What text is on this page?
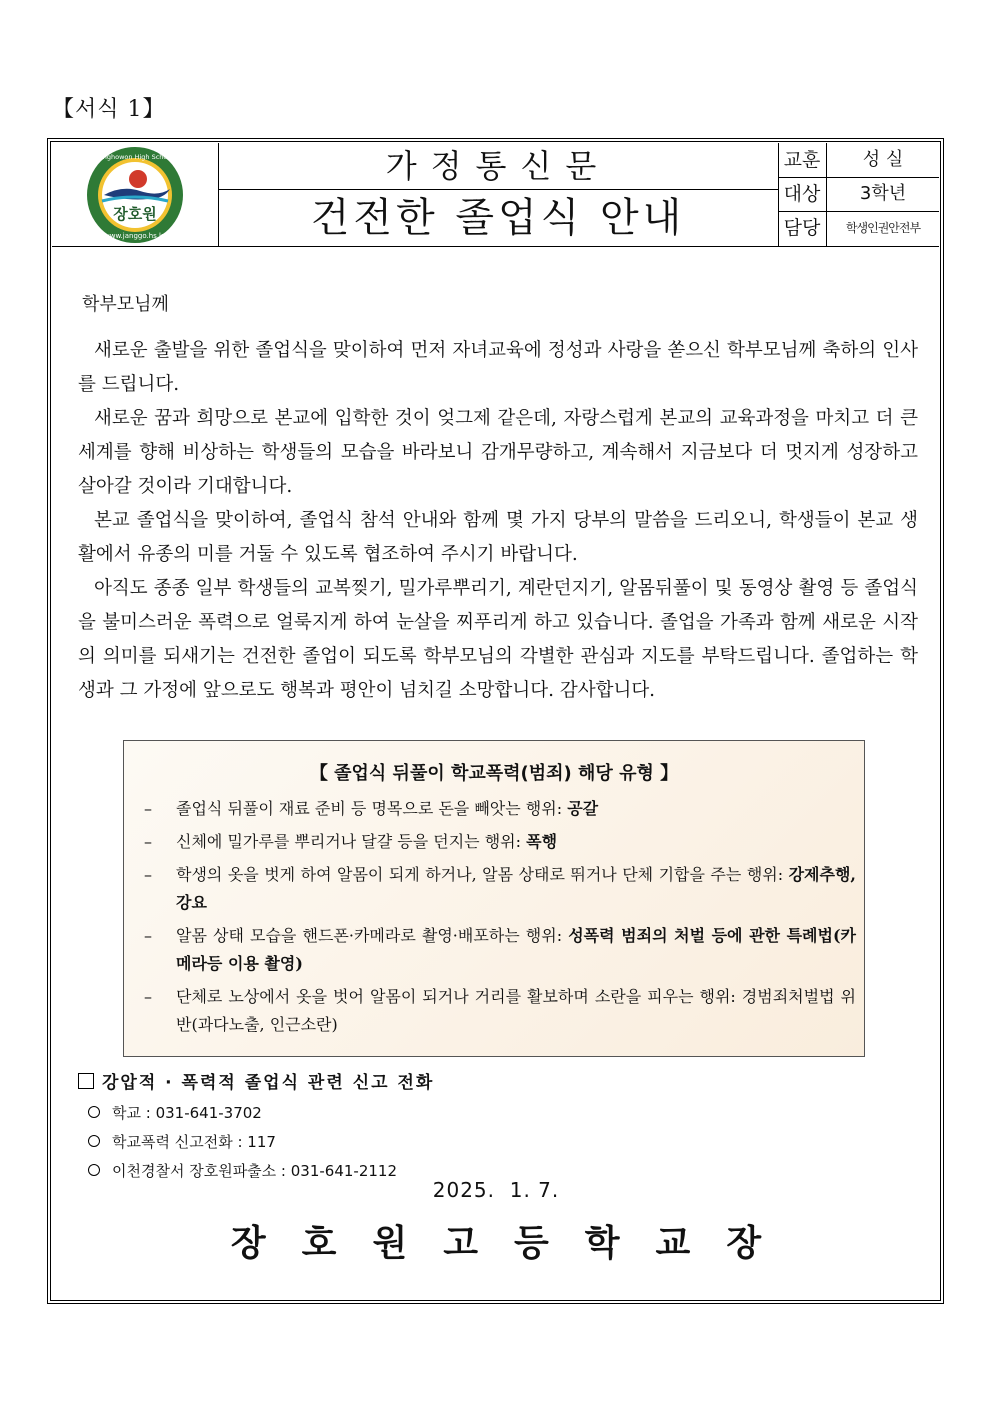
【서식 1】
장호원
Janghowon High School
www.janggo.hs.kr
가정통신문
건전한 졸업식 안내
교훈	성 실
대상	3학년
담당	학생인권안전부
학부모님께

새로운 출발을 위한 졸업식을 맞이하여 먼저 자녀교육에 정성과 사랑을 쏟으신 학부모님께 축하의 인사를 드립니다.

새로운 꿈과 희망으로 본교에 입학한 것이 엊그제 같은데, 자랑스럽게 본교의 교육과정을 마치고 더 큰 세계를 향해 비상하는 학생들의 모습을 바라보니 감개무량하고, 계속해서 지금보다 더 멋지게 성장하고 살아갈 것이라 기대합니다.

본교 졸업식을 맞이하여, 졸업식 참석 안내와 함께 몇 가지 당부의 말씀을 드리오니, 학생들이 본교 생활에서 유종의 미를 거둘 수 있도록 협조하여 주시기 바랍니다.

아직도 종종 일부 학생들의 교복찢기, 밀가루뿌리기, 계란던지기, 알몸뒤풀이 및 동영상 촬영 등 졸업식을 불미스러운 폭력으로 얼룩지게 하여 눈살을 찌푸리게 하고 있습니다. 졸업을 가족과 함께 새로운 시작의 의미를 되새기는 건전한 졸업이 되도록 학부모님의 각별한 관심과 지도를 부탁드립니다. 졸업하는 학생과 그 가정에 앞으로도 행복과 평안이 넘치길 소망합니다. 감사합니다.

【 졸업식 뒤풀이 학교폭력(범죄) 해당 유형 】
– 졸업식 뒤풀이 재료 준비 등 명목으로 돈을 빼앗는 행위: 공갈
– 신체에 밀가루를 뿌리거나 달걀 등을 던지는 행위: 폭행
– 학생의 옷을 벗게 하여 알몸이 되게 하거나, 알몸 상태로 뛰거나 단체 기합을 주는 행위: 강제추행, 강요
– 알몸 상태 모습을 핸드폰·카메라로 촬영·배포하는 행위: 성폭력 범죄의 처벌 등에 관한 특례법(카메라등 이용 촬영)
– 단체로 노상에서 옷을 벗어 알몸이 되거나 거리를 활보하며 소란을 피우는 행위: 경범죄처벌법 위반(과다노출, 인근소란)
강압적 · 폭력적 졸업식 관련 신고 전화
학교 : 031-641-3702
학교폭력 신고전화 : 117
이천경찰서 장호원파출소 : 031-641-2112
2025.  1. 7.
장호원고등학교장
